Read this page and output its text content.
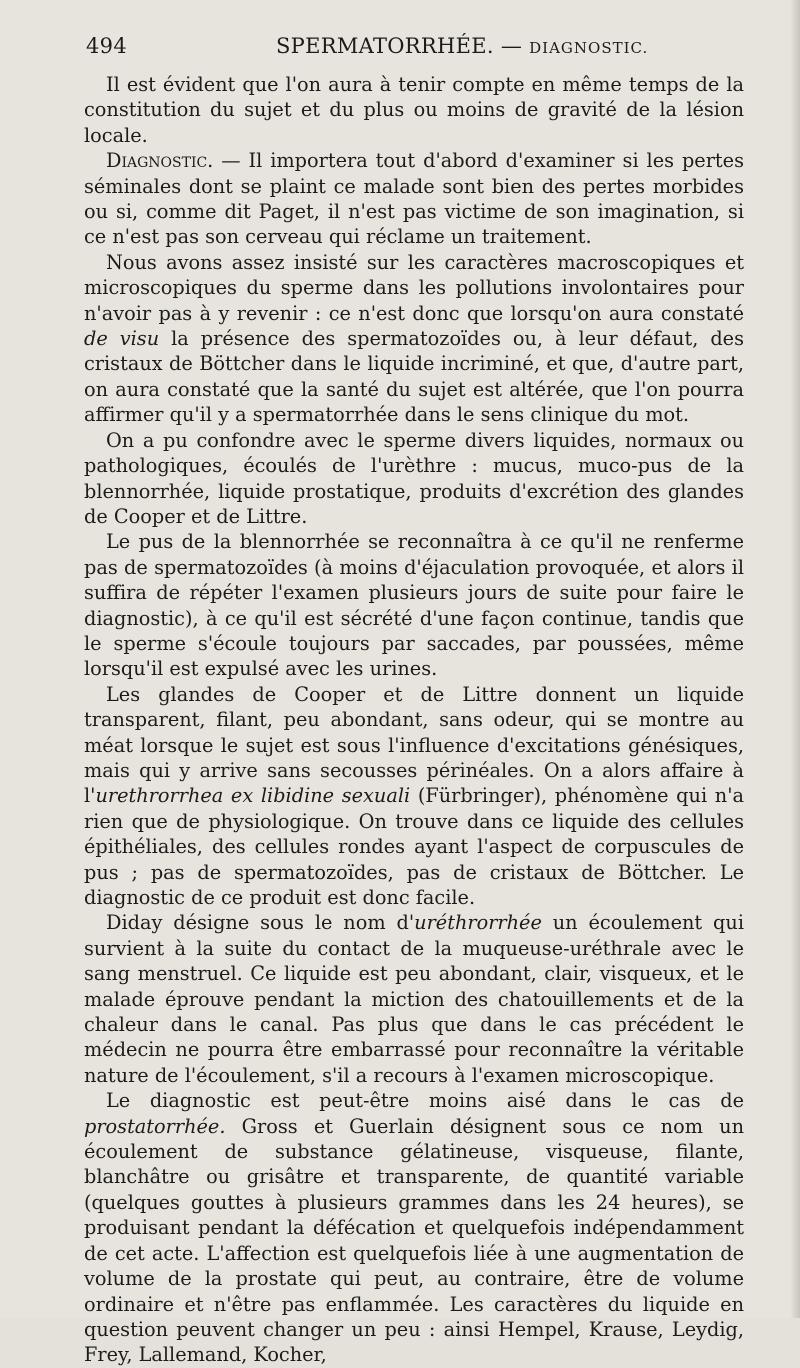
494	SPERMATORRHÉE. — DIAGNOSTIC.

Il est évident que l'on aura à tenir compte en même temps de la constitution du sujet et du plus ou moins de gravité de la lésion locale.

Diagnostic. — Il importera tout d'abord d'examiner si les pertes séminales dont se plaint ce malade sont bien des pertes morbides ou si, comme dit Paget, il n'est pas victime de son imagination, si ce n'est pas son cerveau qui réclame un traitement.

Nous avons assez insisté sur les caractères macroscopiques et microscopiques du sperme dans les pollutions involontaires pour n'avoir pas à y revenir : ce n'est donc que lorsqu'on aura constaté de visu la présence des spermatozoïdes ou, à leur défaut, des cristaux de Böttcher dans le liquide incriminé, et que, d'autre part, on aura constaté que la santé du sujet est altérée, que l'on pourra affirmer qu'il y a spermatorrhée dans le sens clinique du mot.

On a pu confondre avec le sperme divers liquides, normaux ou pathologiques, écoulés de l'urèthre : mucus, muco-pus de la blennorrhée, liquide prostatique, produits d'excrétion des glandes de Cooper et de Littre.

Le pus de la blennorrhée se reconnaîtra à ce qu'il ne renferme pas de spermatozoïdes (à moins d'éjaculation provoquée, et alors il suffira de répéter l'examen plusieurs jours de suite pour faire le diagnostic), à ce qu'il est sécrété d'une façon continue, tandis que le sperme s'écoule toujours par saccades, par poussées, même lorsqu'il est expulsé avec les urines.

Les glandes de Cooper et de Littre donnent un liquide transparent, filant, peu abondant, sans odeur, qui se montre au méat lorsque le sujet est sous l'influence d'excitations génésiques, mais qui y arrive sans secousses périnéales. On a alors affaire à l'urethrorrhea ex libidine sexuali (Fürbringer), phénomène qui n'a rien que de physiologique. On trouve dans ce liquide des cellules épithéliales, des cellules rondes ayant l'aspect de corpuscules de pus ; pas de spermatozoïdes, pas de cristaux de Böttcher. Le diagnostic de ce produit est donc facile.

Diday désigne sous le nom d'uréthrorrhée un écoulement qui survient à la suite du contact de la muqueuse-uréthrale avec le sang menstruel. Ce liquide est peu abondant, clair, visqueux, et le malade éprouve pendant la miction des chatouillements et de la chaleur dans le canal. Pas plus que dans le cas précédent le médecin ne pourra être embarrassé pour reconnaître la véritable nature de l'écoulement, s'il a recours à l'examen microscopique.

Le diagnostic est peut-être moins aisé dans le cas de prostatorrhée. Gross et Guerlain désignent sous ce nom un écoulement de substance gélatineuse, visqueuse, filante, blanchâtre ou grisâtre et transparente, de quantité variable (quelques gouttes à plusieurs grammes dans les 24 heures), se produisant pendant la défécation et quelquefois indépendamment de cet acte. L'affection est quelquefois liée à une augmentation de volume de la prostate qui peut, au contraire, être de volume ordinaire et n'être pas enflammée. Les caractères du liquide en question peuvent changer un peu : ainsi Hempel, Krause, Leydig, Frey, Lallemand, Kocher,
